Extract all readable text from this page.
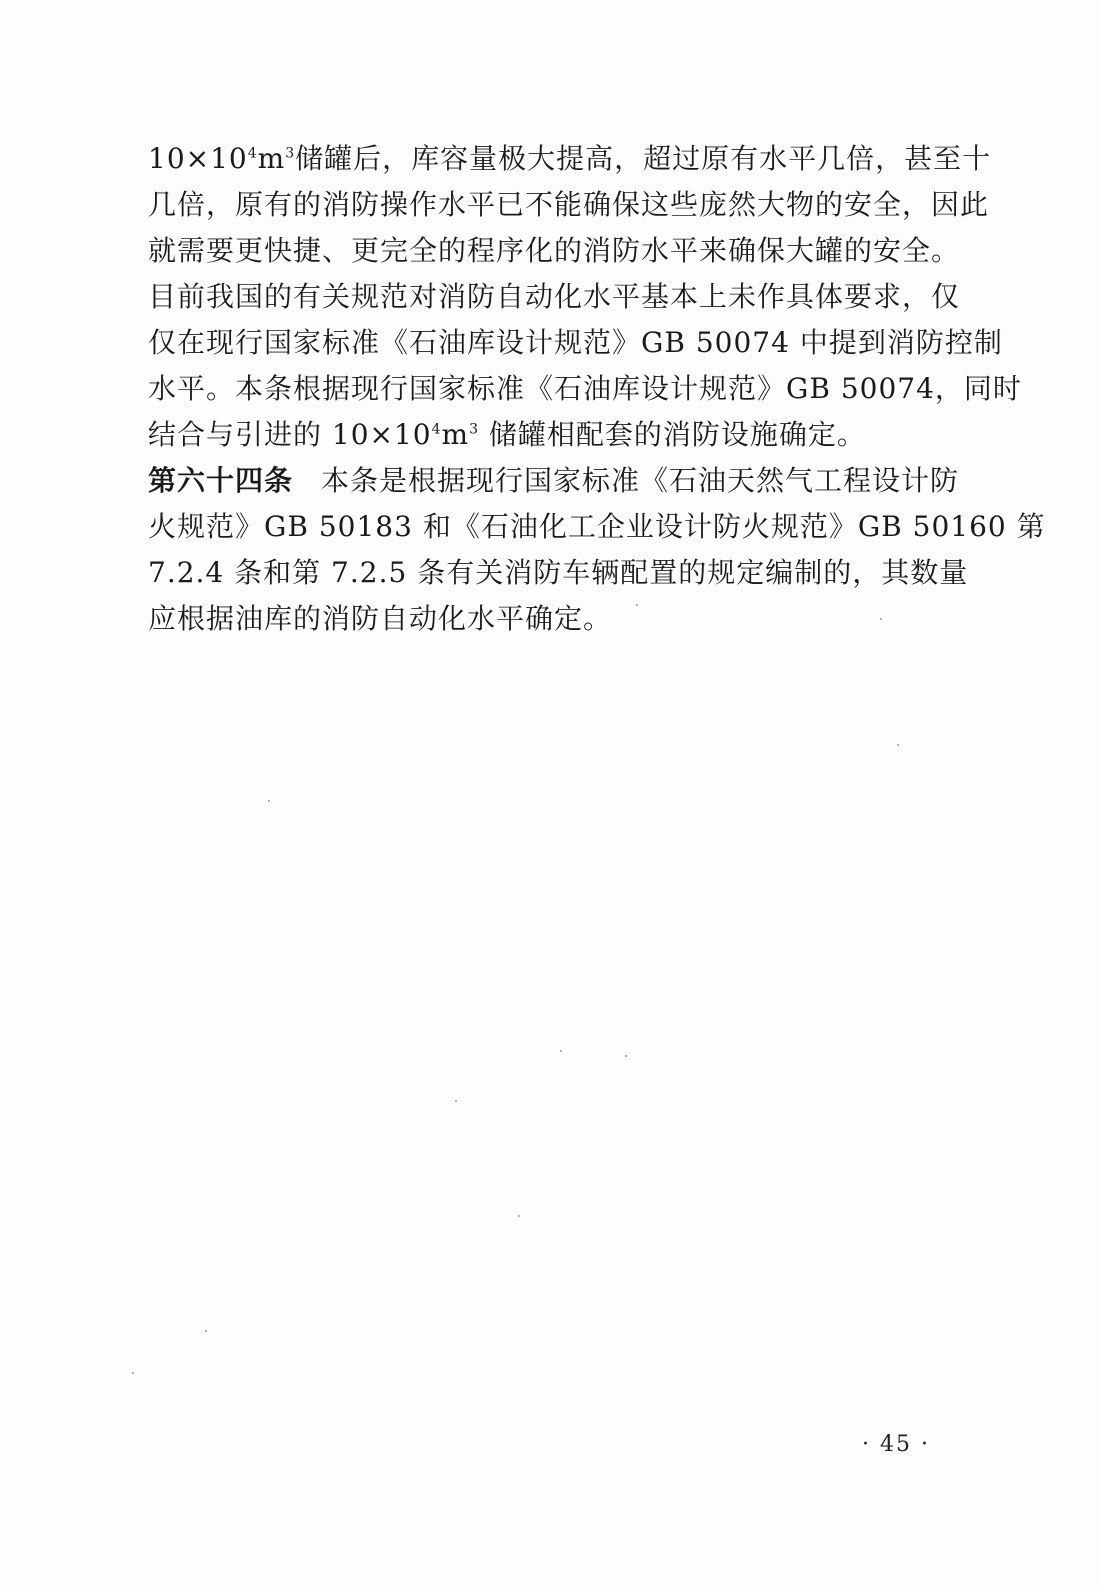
$10\times 10^4m^3$储罐后，库容量极大提高，超过原有水平几倍，甚至十
几倍，原有的消防操作水平已不能确保这些庞然大物的安全，因此
就需要更快捷、更完全的程序化的消防水平来确保大罐的安全。
目前我国的有关规范对消防自动化水平基本上未作具体要求，仅
仅在现行国家标准《石油库设计规范》GB 50074 中提到消防控制
水平。本条根据现行国家标准《石油库设计规范》GB 50074，同时
结合与引进的 $10\times 10^4m^3$ 储罐相配套的消防设施确定。
第六十四条 本条是根据现行国家标准《石油天然气工程设计防
火规范》GB 50183 和《石油化工企业设计防火规范》GB 50160 第
7.2.4 条和第 7.2.5 条有关消防车辆配置的规定编制的，其数量
应根据油库的消防自动化水平确定。
· 45 ·
